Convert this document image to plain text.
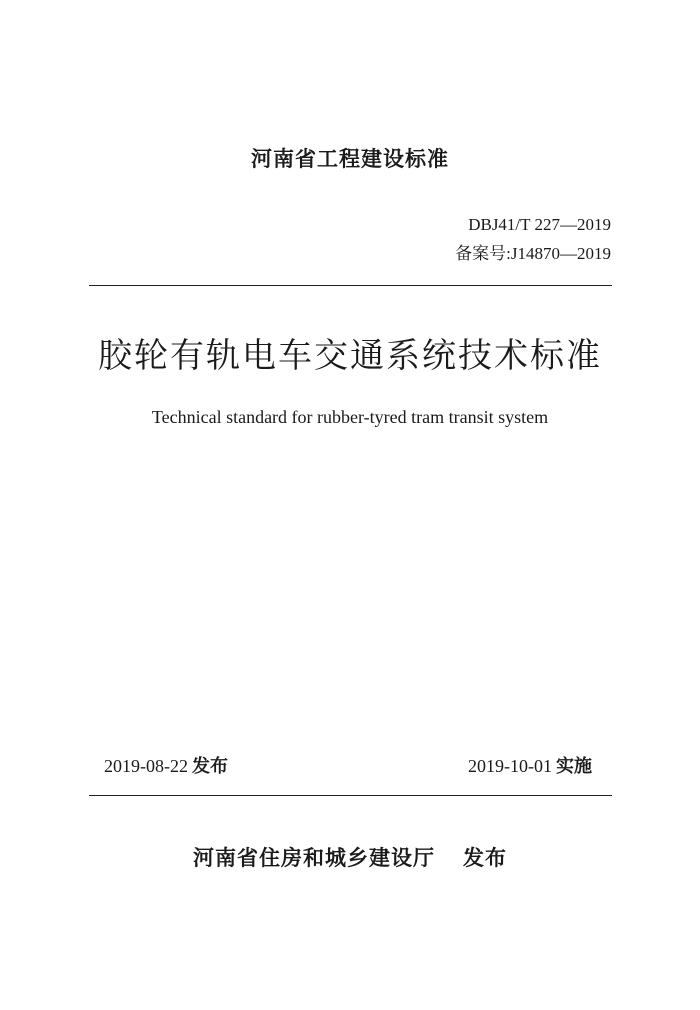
河南省工程建设标准
DBJ41/T 227—2019
备案号:J14870—2019
胶轮有轨电车交通系统技术标准
Technical standard for rubber-tyred tram transit system
2019-08-22 发布	2019-10-01 实施
河南省住房和城乡建设厅 发布
